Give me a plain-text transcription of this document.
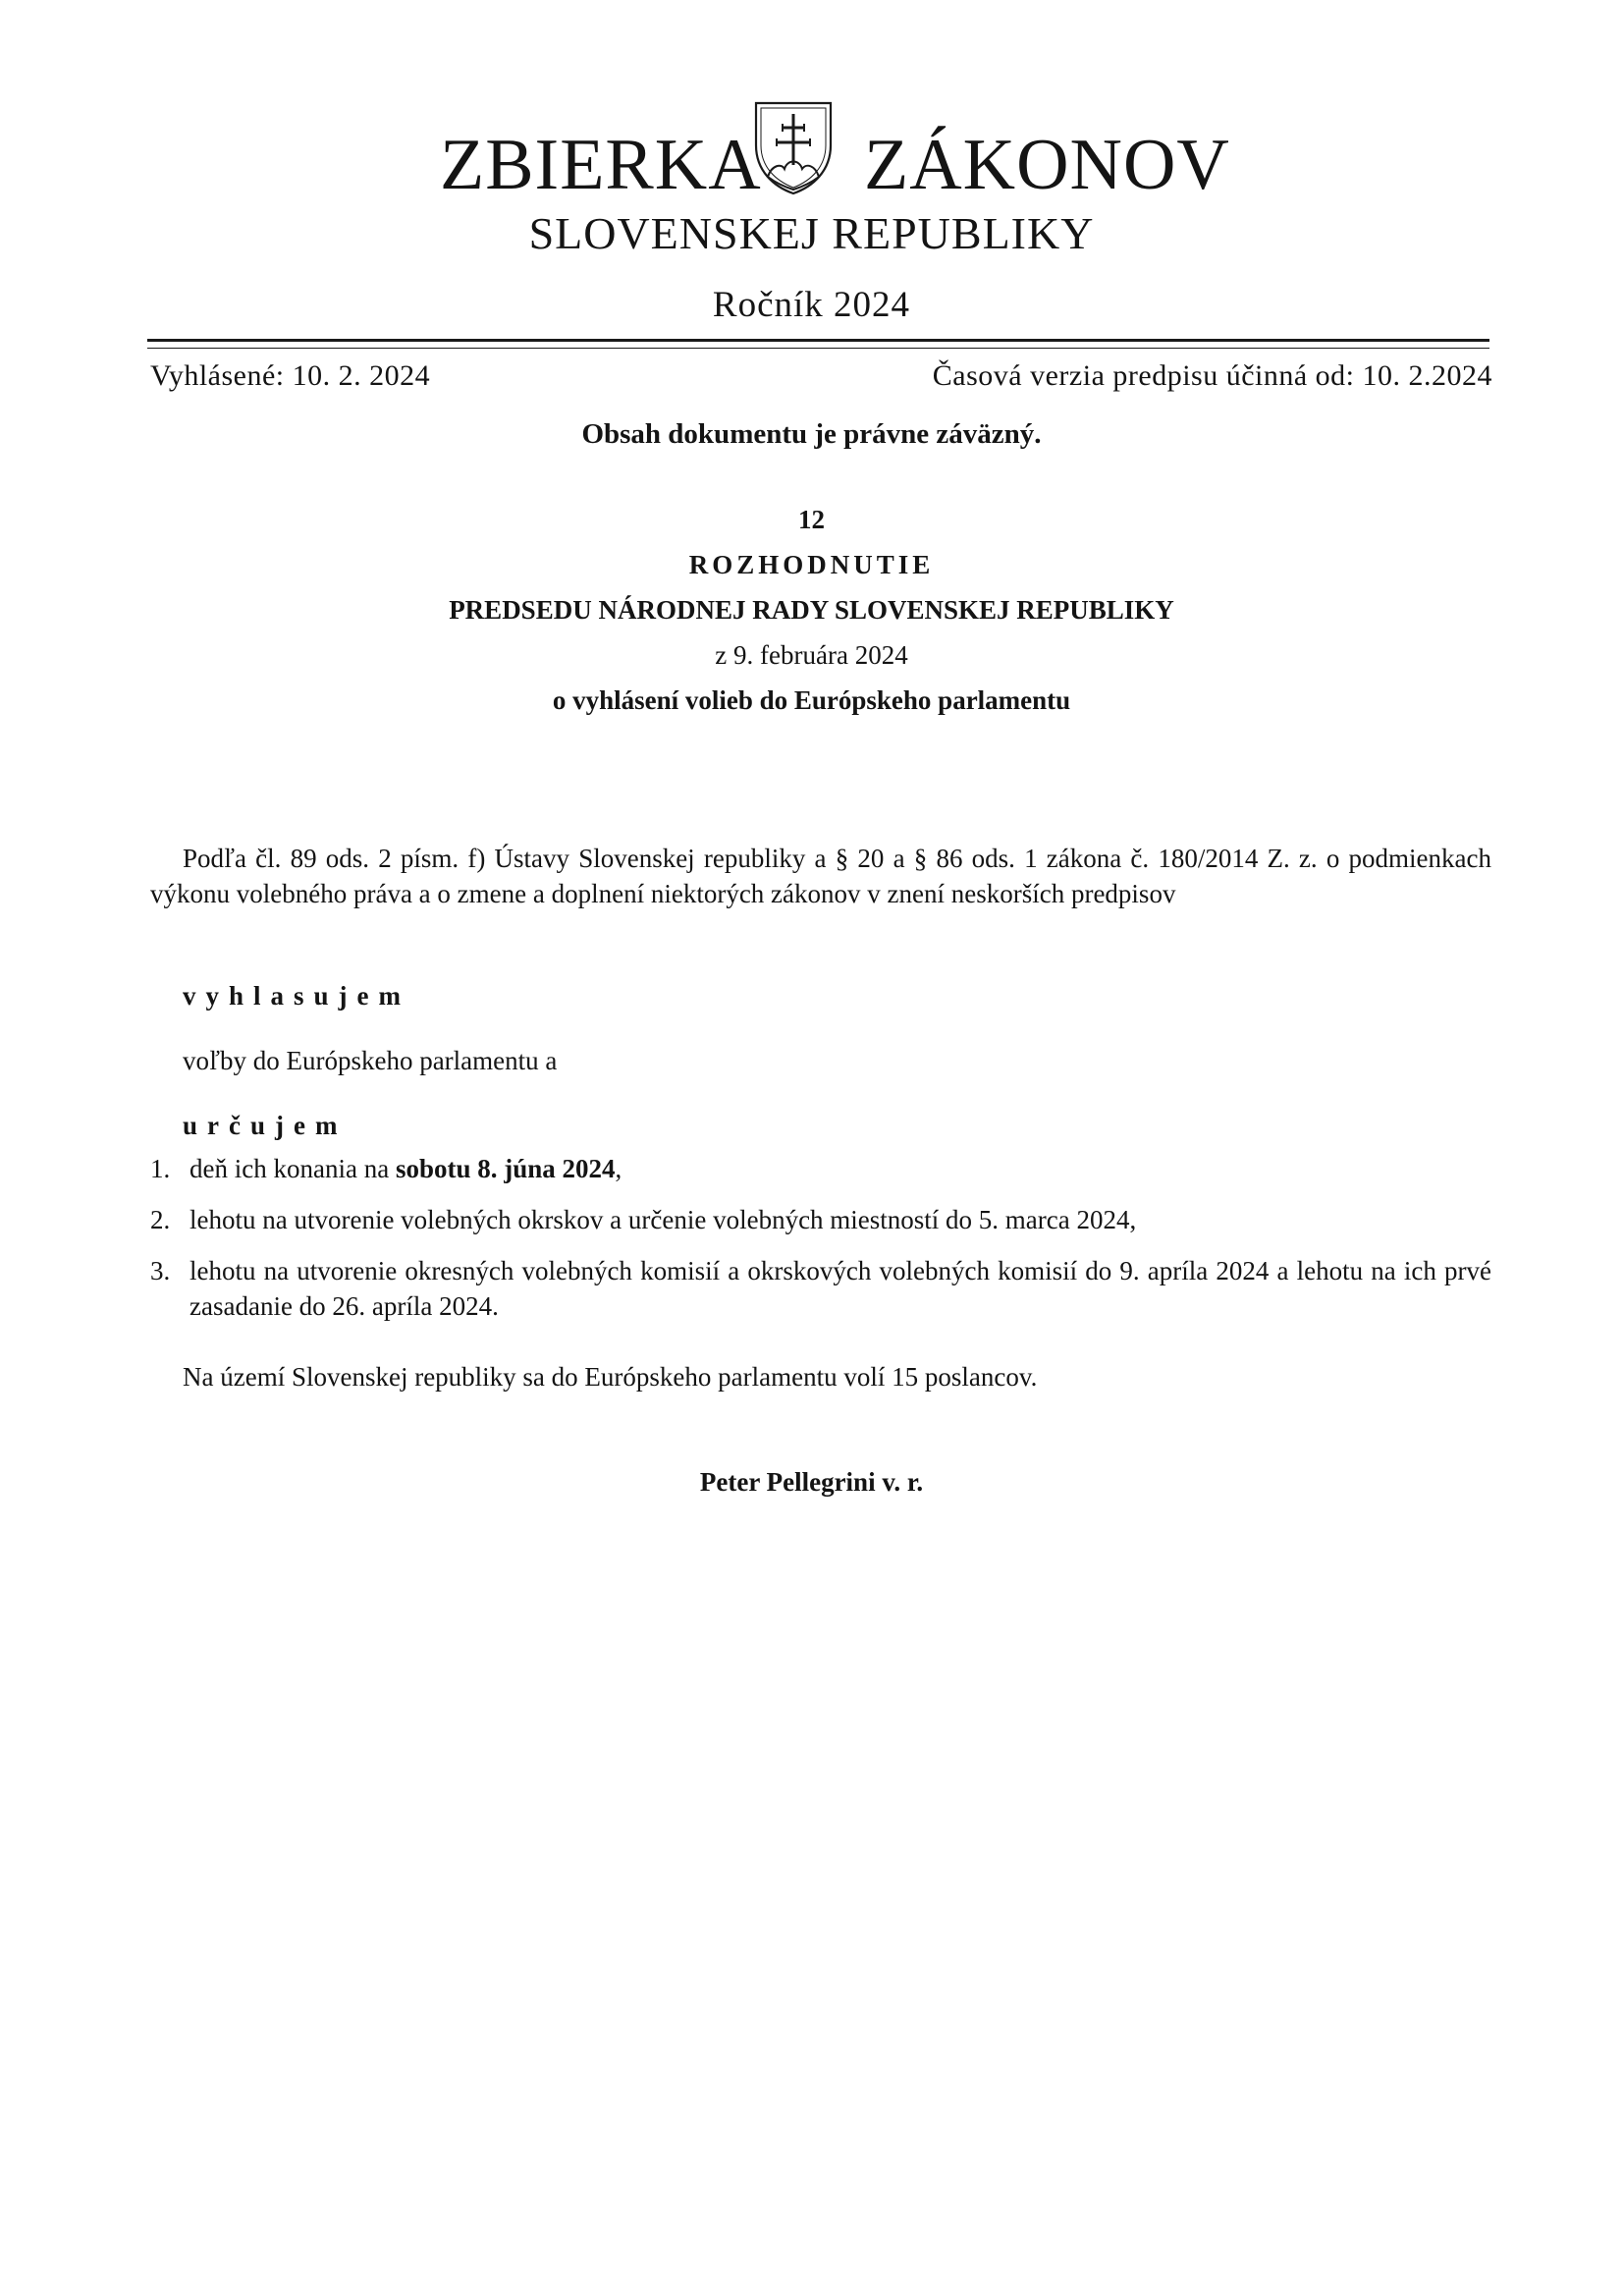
ZBIERKA ZÁKONOV
SLOVENSKEJ REPUBLIKY
Ročník 2024
Vyhlásené: 10. 2. 2024	Časová verzia predpisu účinná od: 10. 2.2024
Obsah dokumentu je právne záväzný.
12
ROZHODNUTIE
PREDSEDU NÁRODNEJ RADY SLOVENSKEJ REPUBLIKY
z 9. februára 2024
o vyhlásení volieb do Európskeho parlamentu

Podľa čl. 89 ods. 2 písm. f) Ústavy Slovenskej republiky a § 20 a § 86 ods. 1 zákona č. 180/2014 Z. z. o podmienkach výkonu volebného práva a o zmene a doplnení niektorých zákonov v znení neskorších predpisov

vyhlasujem

voľby do Európskeho parlamentu a

určujem

1. deň ich konania na sobotu 8. júna 2024,
2. lehotu na utvorenie volebných okrskov a určenie volebných miestností do 5. marca 2024,
3. lehotu na utvorenie okresných volebných komisií a okrskových volebných komisií do 9. apríla 2024 a lehotu na ich prvé zasadanie do 26. apríla 2024.

Na území Slovenskej republiky sa do Európskeho parlamentu volí 15 poslancov.

Peter Pellegrini v. r.
